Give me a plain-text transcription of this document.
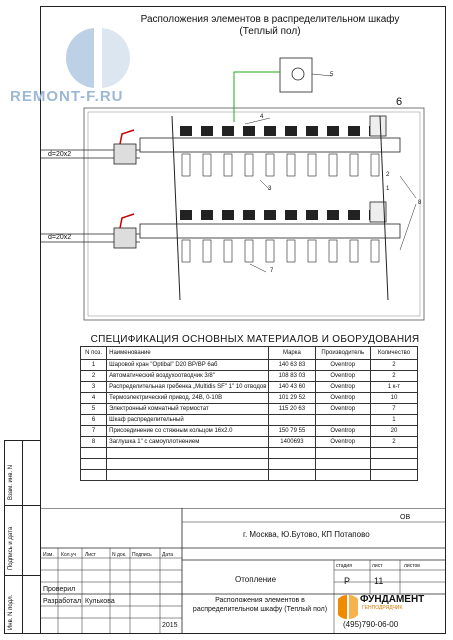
REMONT-F.RU
Расположения элементов в распределительном шкафу
(Теплый пол)
d=20x2
d=20x2
6
4
5
3
8
7
2
1
СПЕЦИФИКАЦИЯ ОСНОВНЫХ МАТЕРИАЛОВ И ОБОРУДОВАНИЯ
N поз.	Наименование	Марка	Производитель	Количество
1	Шаровой кран "Optibal" D20 ВР/ВР 6аб	140 63 83	Oventrop	2
2	Автоматический воздухоотводчик 3/8"	108 83 03	Oventrop	2
3	Распределительная гребенка „Multidis SF" 1" 10 отводов	140 43 60	Oventrop	1 к-т
4	Термоэлектрический привод, 24В, 0-10В	101 29 52	Oventrop	10
5	Электронный комнатный термостат	115 20 63	Oventrop	7
6	Шкаф распределительный			1
7	Присоединение со стяжным кольцом 16х2.0	150 79 55	Oventrop	20
8	Заглушка 1" с самоуплотнением	1400693	Oventrop	2

ОВ
г. Москва, Ю.Бутово, КП Потапово
Изм. Кол.уч Лист	N док. Подпись Дата
Отопление
стадия	лист	листов
Р	11
Проверил
Разработал Кулькова
2015
Расположения элементов в распределительном шкафу (Теплый пол)
ФУНДАМЕНТ
ГЕНПОДРЯДЧИК
(495)790-06-00
Взам. инв. N
Подпись и дата
Инв. N подл.
